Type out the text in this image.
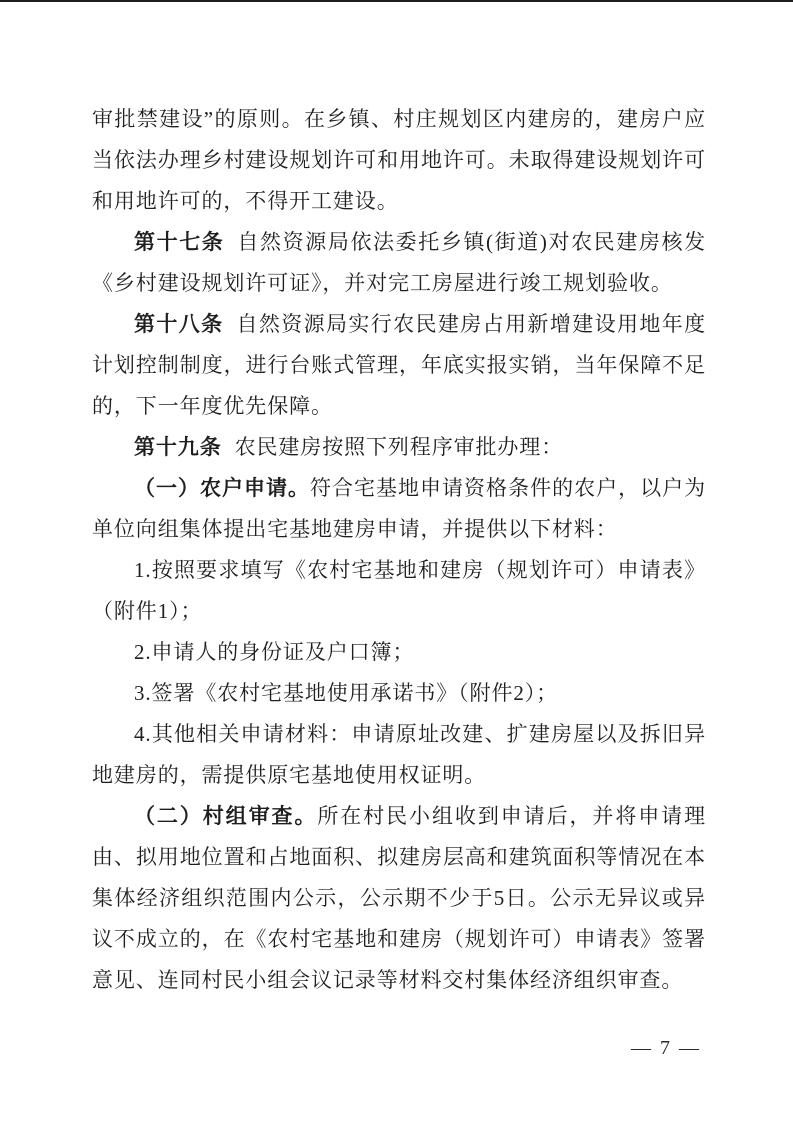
审批禁建设”的原则。在乡镇、村庄规划区内建房的，建房户应当依法办理乡村建设规划许可和用地许可。未取得建设规划许可和用地许可的，不得开工建设。

第十七条 自然资源局依法委托乡镇(街道)对农民建房核发《乡村建设规划许可证》，并对完工房屋进行竣工规划验收。

第十八条 自然资源局实行农民建房占用新增建设用地年度计划控制制度，进行台账式管理，年底实报实销，当年保障不足的，下一年度优先保障。

第十九条 农民建房按照下列程序审批办理：

（一）农户申请。符合宅基地申请资格条件的农户，以户为单位向组集体提出宅基地建房申请，并提供以下材料：

1.按照要求填写《农村宅基地和建房（规划许可）申请表》（附件1）；

2.申请人的身份证及户口簿；

3.签署《农村宅基地使用承诺书》（附件2）；

4.其他相关申请材料：申请原址改建、扩建房屋以及拆旧异地建房的，需提供原宅基地使用权证明。

（二）村组审查。所在村民小组收到申请后，并将申请理由、拟用地位置和占地面积、拟建房层高和建筑面积等情况在本集体经济组织范围内公示，公示期不少于5日。公示无异议或异议不成立的，在《农村宅基地和建房（规划许可）申请表》签署意见、连同村民小组会议记录等材料交村集体经济组织审查。

— 7 —
